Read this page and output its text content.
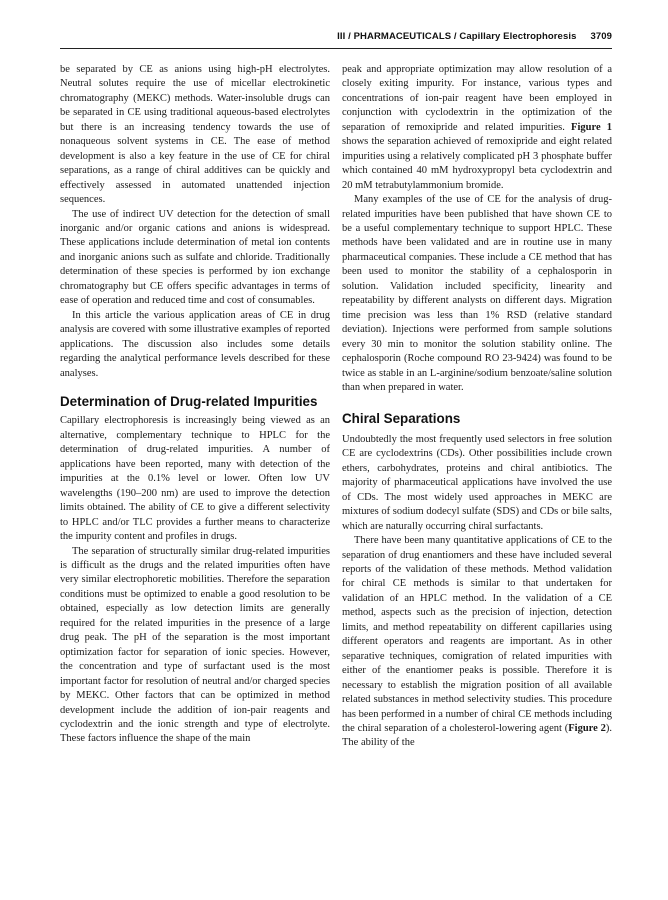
III / PHARMACEUTICALS / Capillary Electrophoresis 3709

be separated by CE as anions using high-pH electrolytes. Neutral solutes require the use of micellar electrokinetic chromatography (MEKC) methods. Water-insoluble drugs can be separated in CE using traditional aqueous-based electrolytes but there is an increasing tendency towards the use of nonaqueous solvent systems in CE. The ease of method development is also a key feature in the use of CE for chiral separations, as a range of chiral additives can be quickly and effectively assessed in automated unattended injection sequences.

The use of indirect UV detection for the detection of small inorganic and/or organic cations and anions is widespread. These applications include determination of metal ion contents and inorganic anions such as sulfate and chloride. Traditionally determination of these species is performed by ion exchange chromatography but CE offers specific advantages in terms of ease of operation and reduced time and cost of consumables.

In this article the various application areas of CE in drug analysis are covered with some illustrative examples of reported applications. The discussion also includes some details regarding the analytical performance levels described for these analyses.

Determination of Drug-related Impurities

Capillary electrophoresis is increasingly being viewed as an alternative, complementary technique to HPLC for the determination of drug-related impurities. A number of applications have been reported, many with detection of the impurities at the 0.1% level or lower. Often low UV wavelengths (190–200 nm) are used to improve the detection limits obtained. The ability of CE to give a different selectivity to HPLC and/or TLC provides a further means to characterize the impurity content and profiles in drugs.

The separation of structurally similar drug-related impurities is difficult as the drugs and the related impurities often have very similar electrophoretic mobilities. Therefore the separation conditions must be optimized to enable a good resolution to be obtained, especially as low detection limits are generally required for the related impurities in the presence of a large drug peak. The pH of the separation is the most important optimization factor for separation of ionic species. However, the concentration and type of surfactant used is the most important factor for resolution of neutral and/or charged species by MEKC. Other factors that can be optimized in method development include the addition of ion-pair reagents and cyclodextrin and the ionic strength and type of electrolyte. These factors influence the shape of the main

peak and appropriate optimization may allow resolution of a closely exiting impurity. For instance, various types and concentrations of ion-pair reagent have been employed in conjunction with cyclodextrin in the optimization of the separation of remoxipride and related impurities. Figure 1 shows the separation achieved of remoxipride and eight related impurities using a relatively complicated pH 3 phosphate buffer which contained 40 mM hydroxypropyl beta cyclodextrin and 20 mM tetrabutylammonium bromide.

Many examples of the use of CE for the analysis of drug-related impurities have been published that have shown CE to be a useful complementary technique to support HPLC. These methods have been validated and are in routine use in many pharmaceutical companies. These include a CE method that has been used to monitor the stability of a cephalosporin in solution. Validation included specificity, linearity and repeatability by different analysts on different days. Migration time precision was less than 1% RSD (relative standard deviation). Injections were performed from sample solutions every 30 min to monitor the solution stability online. The cephalosporin (Roche compound RO 23-9424) was found to be twice as stable in an L-arginine/sodium benzoate/saline solution than when prepared in water.

Chiral Separations

Undoubtedly the most frequently used selectors in free solution CE are cyclodextrins (CDs). Other possibilities include crown ethers, carbohydrates, proteins and chiral antibiotics. The majority of pharmaceutical applications have involved the use of CDs. The most widely used approaches in MEKC are mixtures of sodium dodecyl sulfate (SDS) and CDs or bile salts, which are naturally occurring chiral surfactants.

There have been many quantitative applications of CE to the separation of drug enantiomers and these have included several reports of the validation of these methods. Method validation for chiral CE methods is similar to that undertaken for validation of an HPLC method. In the validation of a CE method, aspects such as the precision of injection, detection limits, and method repeatability on different capillaries using different operators and reagents are important. As in other separative techniques, comigration of related impurities with either of the enantiomer peaks is possible. Therefore it is necessary to establish the migration position of all available related substances in method selectivity studies. This procedure has been performed in a number of chiral CE methods including the chiral separation of a cholesterol-lowering agent (Figure 2). The ability of the
